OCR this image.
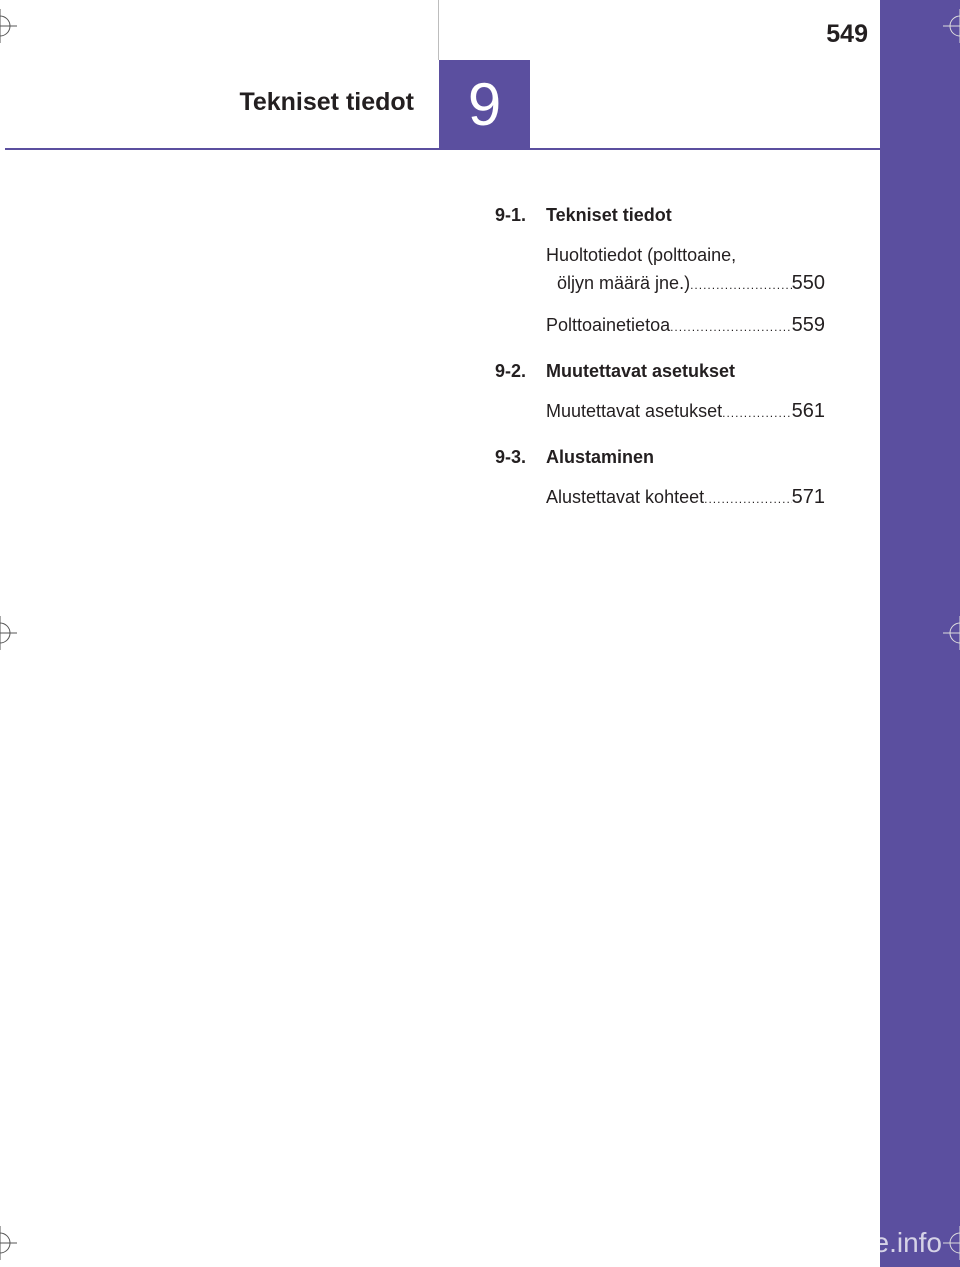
Tekniset tiedot 9
549
9-1. Tekniset tiedot
Huoltotiedot (polttoaine,
öljyn määrä jne.) .....	550
Polttoainetietoa .....	559
9-2. Muutettavat asetukset
Muutettavat asetukset .....	561
9-3. Alustaminen
Alustettavat kohteet .....	571
carmanualsonline.info
